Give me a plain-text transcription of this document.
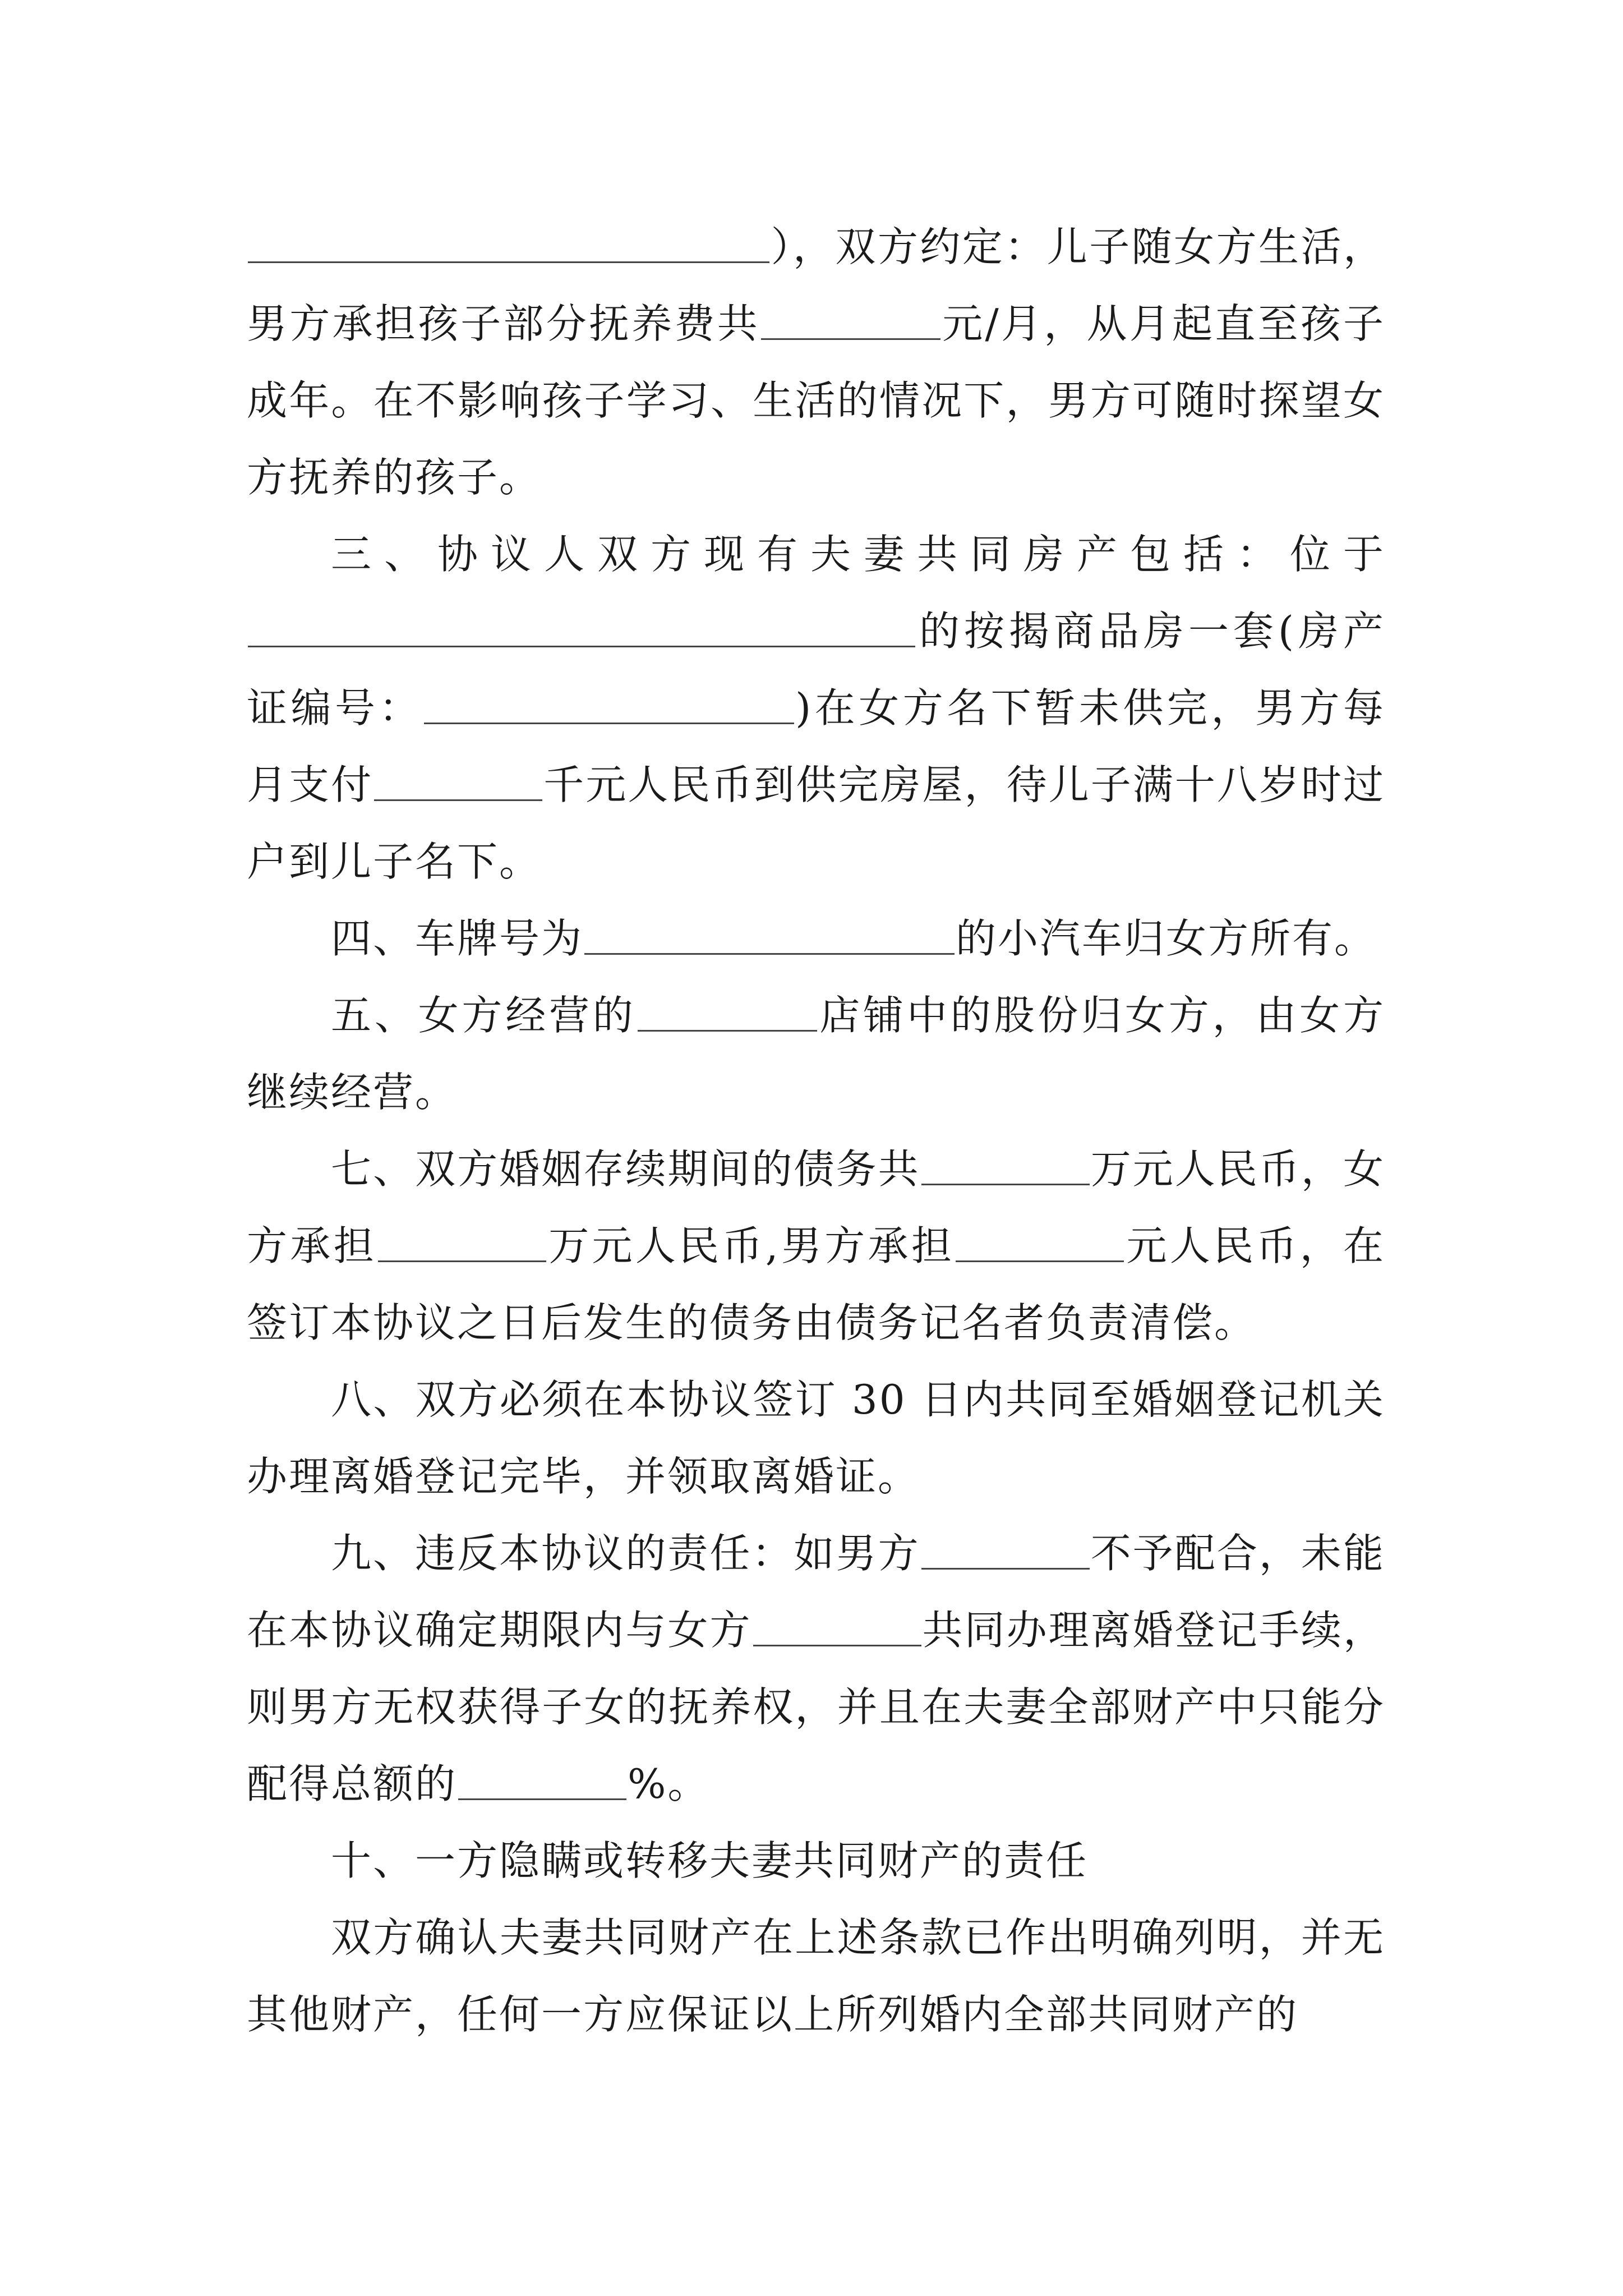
），双方约定：儿子随女方生活，男方承担孩子部分抚养费共	元/月，从月起直至孩子成年。在不影响孩子学习、生活的情况下，男方可随时探望女方抚养的孩子。

三、协议人双方现有夫妻共同房产包括：位于的按揭商品房一套(房产证编号：	)在女方名下暂未供完，男方每月支付	千元人民币到供完房屋，待儿子满十八岁时过户到儿子名下。

四、车牌号为	的小汽车归女方所有。

五、女方经营的	店铺中的股份归女方，由女方继续经营。

七、双方婚姻存续期间的债务共	万元人民币，女方承担	万元人民币,男方承担	元人民币，在签订本协议之日后发生的债务由债务记名者负责清偿。

八、双方必须在本协议签订 30 日内共同至婚姻登记机关办理离婚登记完毕，并领取离婚证。

九、违反本协议的责任：如男方	不予配合，未能在本协议确定期限内与女方	共同办理离婚登记手续，则男方无权获得子女的抚养权，并且在夫妻全部财产中只能分配得总额的	%。

十、一方隐瞒或转移夫妻共同财产的责任

双方确认夫妻共同财产在上述条款已作出明确列明，并无其他财产，任何一方应保证以上所列婚内全部共同财产的
